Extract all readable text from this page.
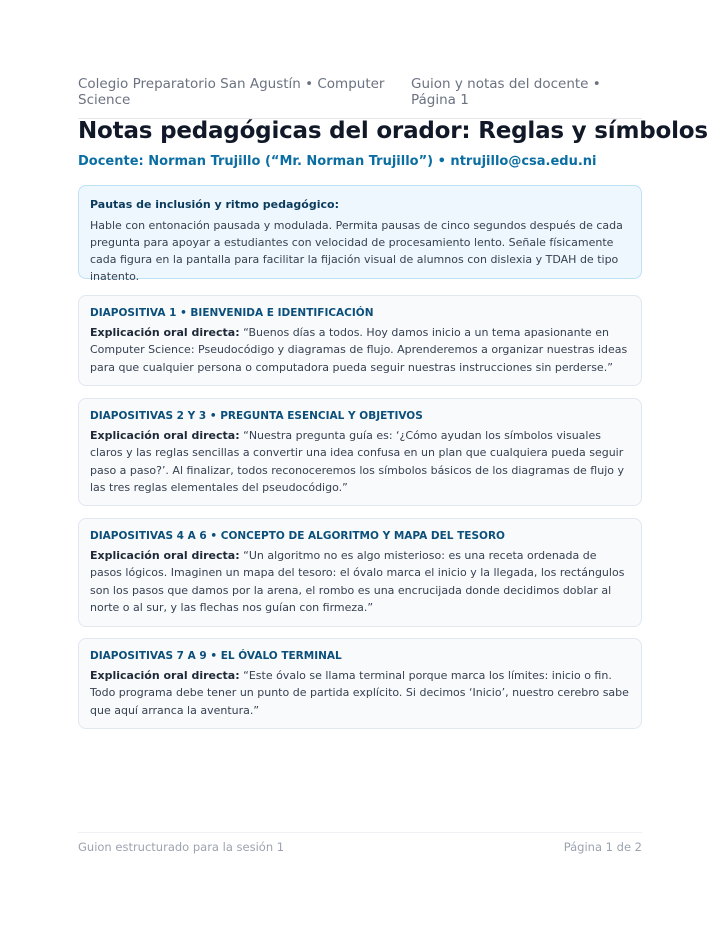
Colegio Preparatorio San Agustín • Computer Science
Guion y notas del docente • Página 1
Notas pedagógicas del orador: Reglas y símbolos

Docente: Norman Trujillo (“Mr. Norman Trujillo”) • ntrujillo@csa.edu.ni

Pautas de inclusión y ritmo pedagógico:

Hable con entonación pausada y modulada. Permita pausas de cinco segundos después de cada pregunta para apoyar a estudiantes con velocidad de procesamiento lento. Señale físicamente cada figura en la pantalla para facilitar la fijación visual de alumnos con dislexia y TDAH de tipo inatento.

DIAPOSITIVA 1 • BIENVENIDA E IDENTIFICACIÓN

Explicación oral directa: “Buenos días a todos. Hoy damos inicio a un tema apasionante en Computer Science: Pseudocódigo y diagramas de flujo. Aprenderemos a organizar nuestras ideas para que cualquier persona o computadora pueda seguir nuestras instrucciones sin perderse.”

DIAPOSITIVAS 2 Y 3 • PREGUNTA ESENCIAL Y OBJETIVOS

Explicación oral directa: “Nuestra pregunta guía es: ‘¿Cómo ayudan los símbolos visuales claros y las reglas sencillas a convertir una idea confusa en un plan que cualquiera pueda seguir paso a paso?’. Al finalizar, todos reconoceremos los símbolos básicos de los diagramas de flujo y las tres reglas elementales del pseudocódigo.”

DIAPOSITIVAS 4 A 6 • CONCEPTO DE ALGORITMO Y MAPA DEL TESORO

Explicación oral directa: “Un algoritmo no es algo misterioso: es una receta ordenada de pasos lógicos. Imaginen un mapa del tesoro: el óvalo marca el inicio y la llegada, los rectángulos son los pasos que damos por la arena, el rombo es una encrucijada donde decidimos doblar al norte o al sur, y las flechas nos guían con firmeza.”

DIAPOSITIVAS 7 A 9 • EL ÓVALO TERMINAL

Explicación oral directa: “Este óvalo se llama terminal porque marca los límites: inicio o fin. Todo programa debe tener un punto de partida explícito. Si decimos ‘Inicio’, nuestro cerebro sabe que aquí arranca la aventura.”

Guion estructurado para la sesión 1	Página 1 de 2
